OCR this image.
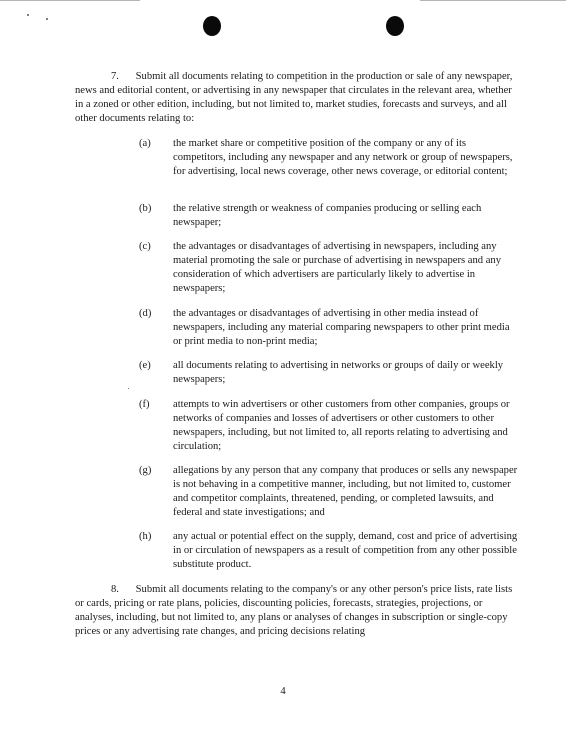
7. Submit all documents relating to competition in the production or sale of any newspaper, news and editorial content, or advertising in any newspaper that circulates in the relevant area, whether in a zoned or other edition, including, but not limited to, market studies, forecasts and surveys, and all other documents relating to:
(a)	the market share or competitive position of the company or any of its competitors, including any newspaper and any network or group of newspapers, for advertising, local news coverage, other news coverage, or editorial content;
(b)	the relative strength or weakness of companies producing or selling each newspaper;
(c)	the advantages or disadvantages of advertising in newspapers, including any material promoting the sale or purchase of advertising in newspapers and any consideration of which advertisers are particularly likely to advertise in newspapers;
(d)	the advantages or disadvantages of advertising in other media instead of newspapers, including any material comparing newspapers to other print media or print media to non-print media;
(e)	all documents relating to advertising in networks or groups of daily or weekly newspapers;
(f)	attempts to win advertisers or other customers from other companies, groups or networks of companies and losses of advertisers or other customers to other newspapers, including, but not limited to, all reports relating to advertising and circulation;
(g)	allegations by any person that any company that produces or sells any newspaper is not behaving in a competitive manner, including, but not limited to, customer and competitor complaints, threatened, pending, or completed lawsuits, and federal and state investigations; and
(h)	any actual or potential effect on the supply, demand, cost and price of advertising in or circulation of newspapers as a result of competition from any other possible substitute product.
8. Submit all documents relating to the company's or any other person's price lists, rate lists or cards, pricing or rate plans, policies, discounting policies, forecasts, strategies, projections, or analyses, including, but not limited to, any plans or analyses of changes in subscription or single-copy prices or any advertising rate changes, and pricing decisions relating
4
